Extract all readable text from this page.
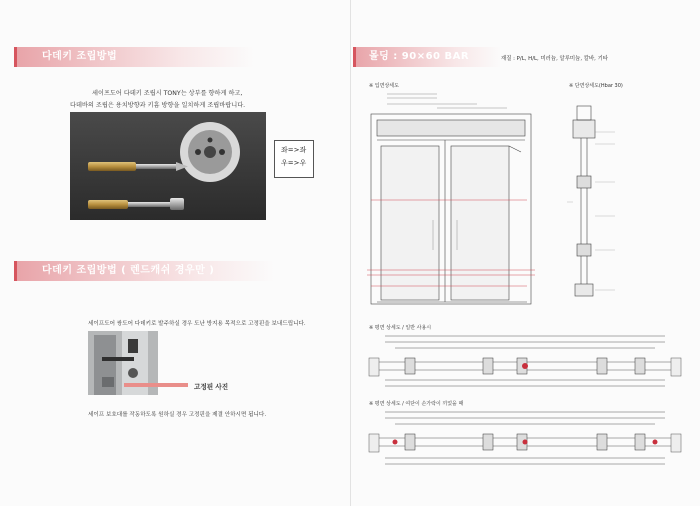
다데키 조립방법
세이프도어 다데키 조립시 TONY는 상부를 향하게 하고,
다데바의 조립은 용치방향과 키흠 방향을 일치하게 조립바랍니다.
좌=>좌
우=>우
다데키 조립방법 ( 렌드캐쉬 경우만 )
세이프도어 쌍도어 다데키로 발주하실 경우 도난 방지용 목적으로 고정핀을 보내드립니다.
고정핀 사진
세이프 보호대를 작동하도록 원하실 경우 고정핀을 제결 안하시면 됩니다.
몰딩 : 90×60 BAR	재질 : P/L, H/L, 미러늄, 알루미늄, 칼바, 기타
※ 입면상세도	※ 단면상세도(Hbar 30)
※ 평면 상세도 / 일반 사용시
※ 평면 상세도 / 여닫이 손가락이 끼었을 때
